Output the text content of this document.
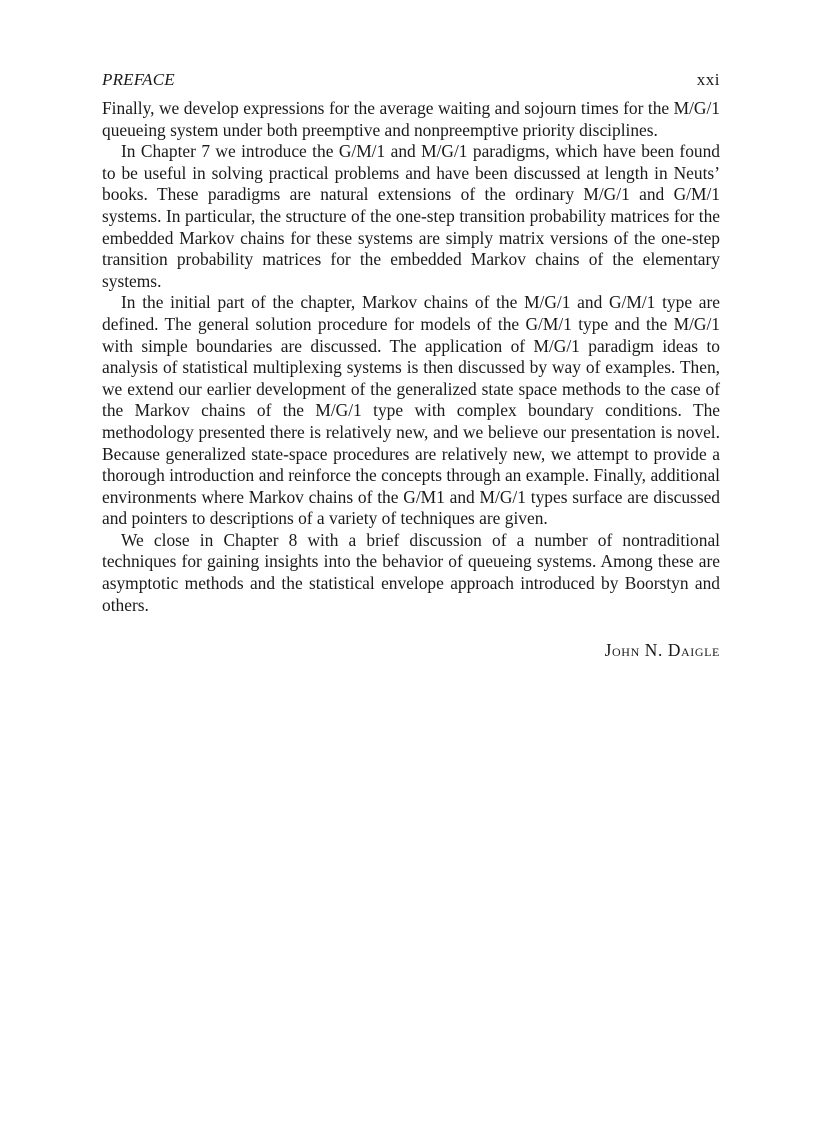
PREFACE	xxi

Finally, we develop expressions for the average waiting and sojourn times for the M/G/1 queueing system under both preemptive and nonpreemptive priority disciplines.

In Chapter 7 we introduce the G/M/1 and M/G/1 paradigms, which have been found to be useful in solving practical problems and have been discussed at length in Neuts’ books. These paradigms are natural extensions of the ordinary M/G/1 and G/M/1 systems. In particular, the structure of the one-step transition probability matrices for the embedded Markov chains for these systems are simply matrix versions of the one-step transition probability matrices for the embedded Markov chains of the elementary systems.

In the initial part of the chapter, Markov chains of the M/G/1 and G/M/1 type are defined. The general solution procedure for models of the G/M/1 type and the M/G/1 with simple boundaries are discussed. The application of M/G/1 paradigm ideas to analysis of statistical multiplexing systems is then discussed by way of examples. Then, we extend our earlier development of the generalized state space methods to the case of the Markov chains of the M/G/1 type with complex boundary conditions. The methodology presented there is relatively new, and we believe our presentation is novel. Because generalized state-space procedures are relatively new, we attempt to provide a thorough introduction and reinforce the concepts through an example. Finally, additional environments where Markov chains of the G/M1 and M/G/1 types surface are discussed and pointers to descriptions of a variety of techniques are given.

We close in Chapter 8 with a brief discussion of a number of nontraditional techniques for gaining insights into the behavior of queueing systems. Among these are asymptotic methods and the statistical envelope approach introduced by Boorstyn and others.

John N. Daigle
